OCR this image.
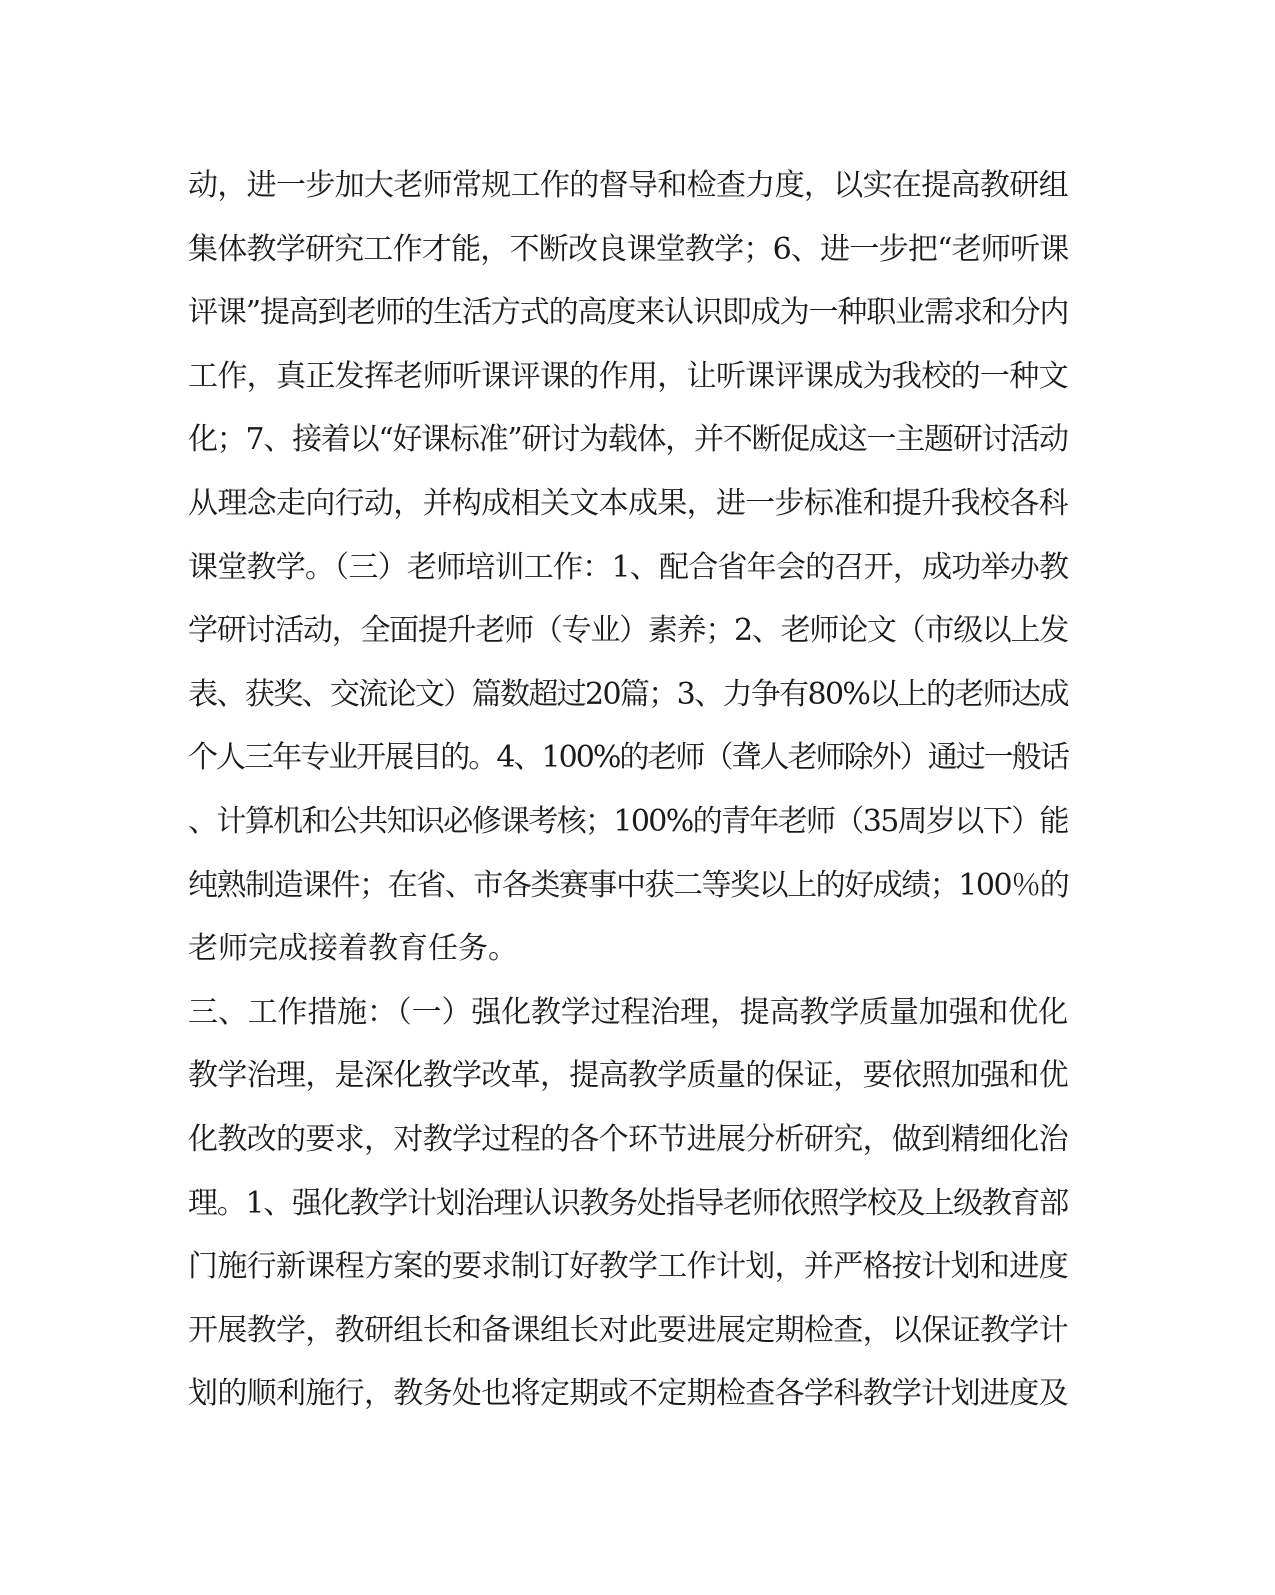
动，进一步加大老师常规工作的督导和检查力度，以实在提高教研组
集体教学研究工作才能，不断改良课堂教学；6、进一步把“老师听课
评课”提高到老师的生活方式的高度来认识即成为一种职业需求和分内
工作，真正发挥老师听课评课的作用，让听课评课成为我校的一种文
化；7、接着以“好课标准”研讨为载体，并不断促成这一主题研讨活动
从理念走向行动，并构成相关文本成果，进一步标准和提升我校各科
课堂教学。（三）老师培训工作：1、配合省年会的召开，成功举办教
学研讨活动，全面提升老师（专业）素养；2、老师论文（市级以上发
表、获奖、交流论文）篇数超过20篇；3、力争有80%以上的老师达成
个人三年专业开展目的。4、100%的老师（聋人老师除外）通过一般话
、计算机和公共知识必修课考核；100%的青年老师（35周岁以下）能
纯熟制造课件；在省、市各类赛事中获二等奖以上的好成绩；100％的
老师完成接着教育任务。
三、工作措施：（一）强化教学过程治理，提高教学质量加强和优化
教学治理，是深化教学改革，提高教学质量的保证，要依照加强和优
化教改的要求，对教学过程的各个环节进展分析研究，做到精细化治
理。1、强化教学计划治理认识教务处指导老师依照学校及上级教育部
门施行新课程方案的要求制订好教学工作计划，并严格按计划和进度
开展教学，教研组长和备课组长对此要进展定期检查，以保证教学计
划的顺利施行，教务处也将定期或不定期检查各学科教学计划进度及
